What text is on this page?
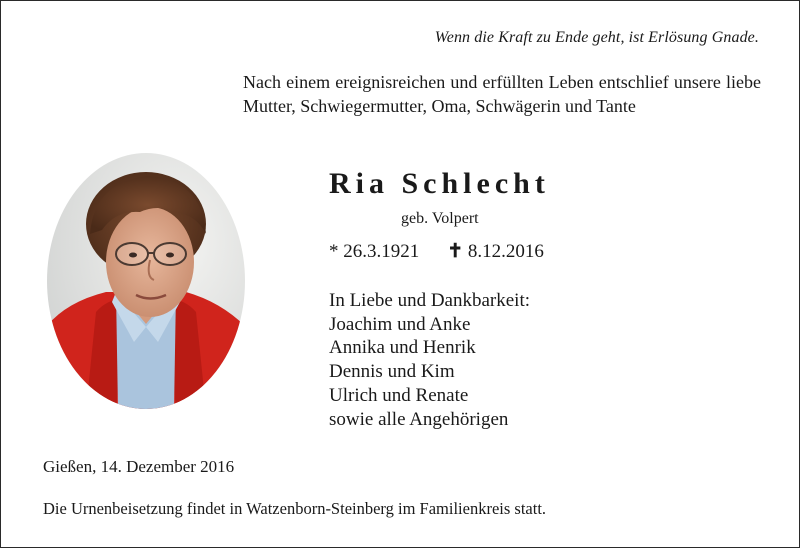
Wenn die Kraft zu Ende geht, ist Erlösung Gnade.
Nach einem ereignisreichen und erfüllten Leben entschlief unsere liebe Mutter, Schwiegermutter, Oma, Schwägerin und Tante
Ria Schlecht
geb. Volpert
* 26.3.1921 ✝ 8.12.2016
In Liebe und Dankbarkeit:
Joachim und Anke
Annika und Henrik
Dennis und Kim
Ulrich und Renate
sowie alle Angehörigen
Gießen, 14. Dezember 2016
Die Urnenbeisetzung findet in Watzenborn-Steinberg im Familienkreis statt.
